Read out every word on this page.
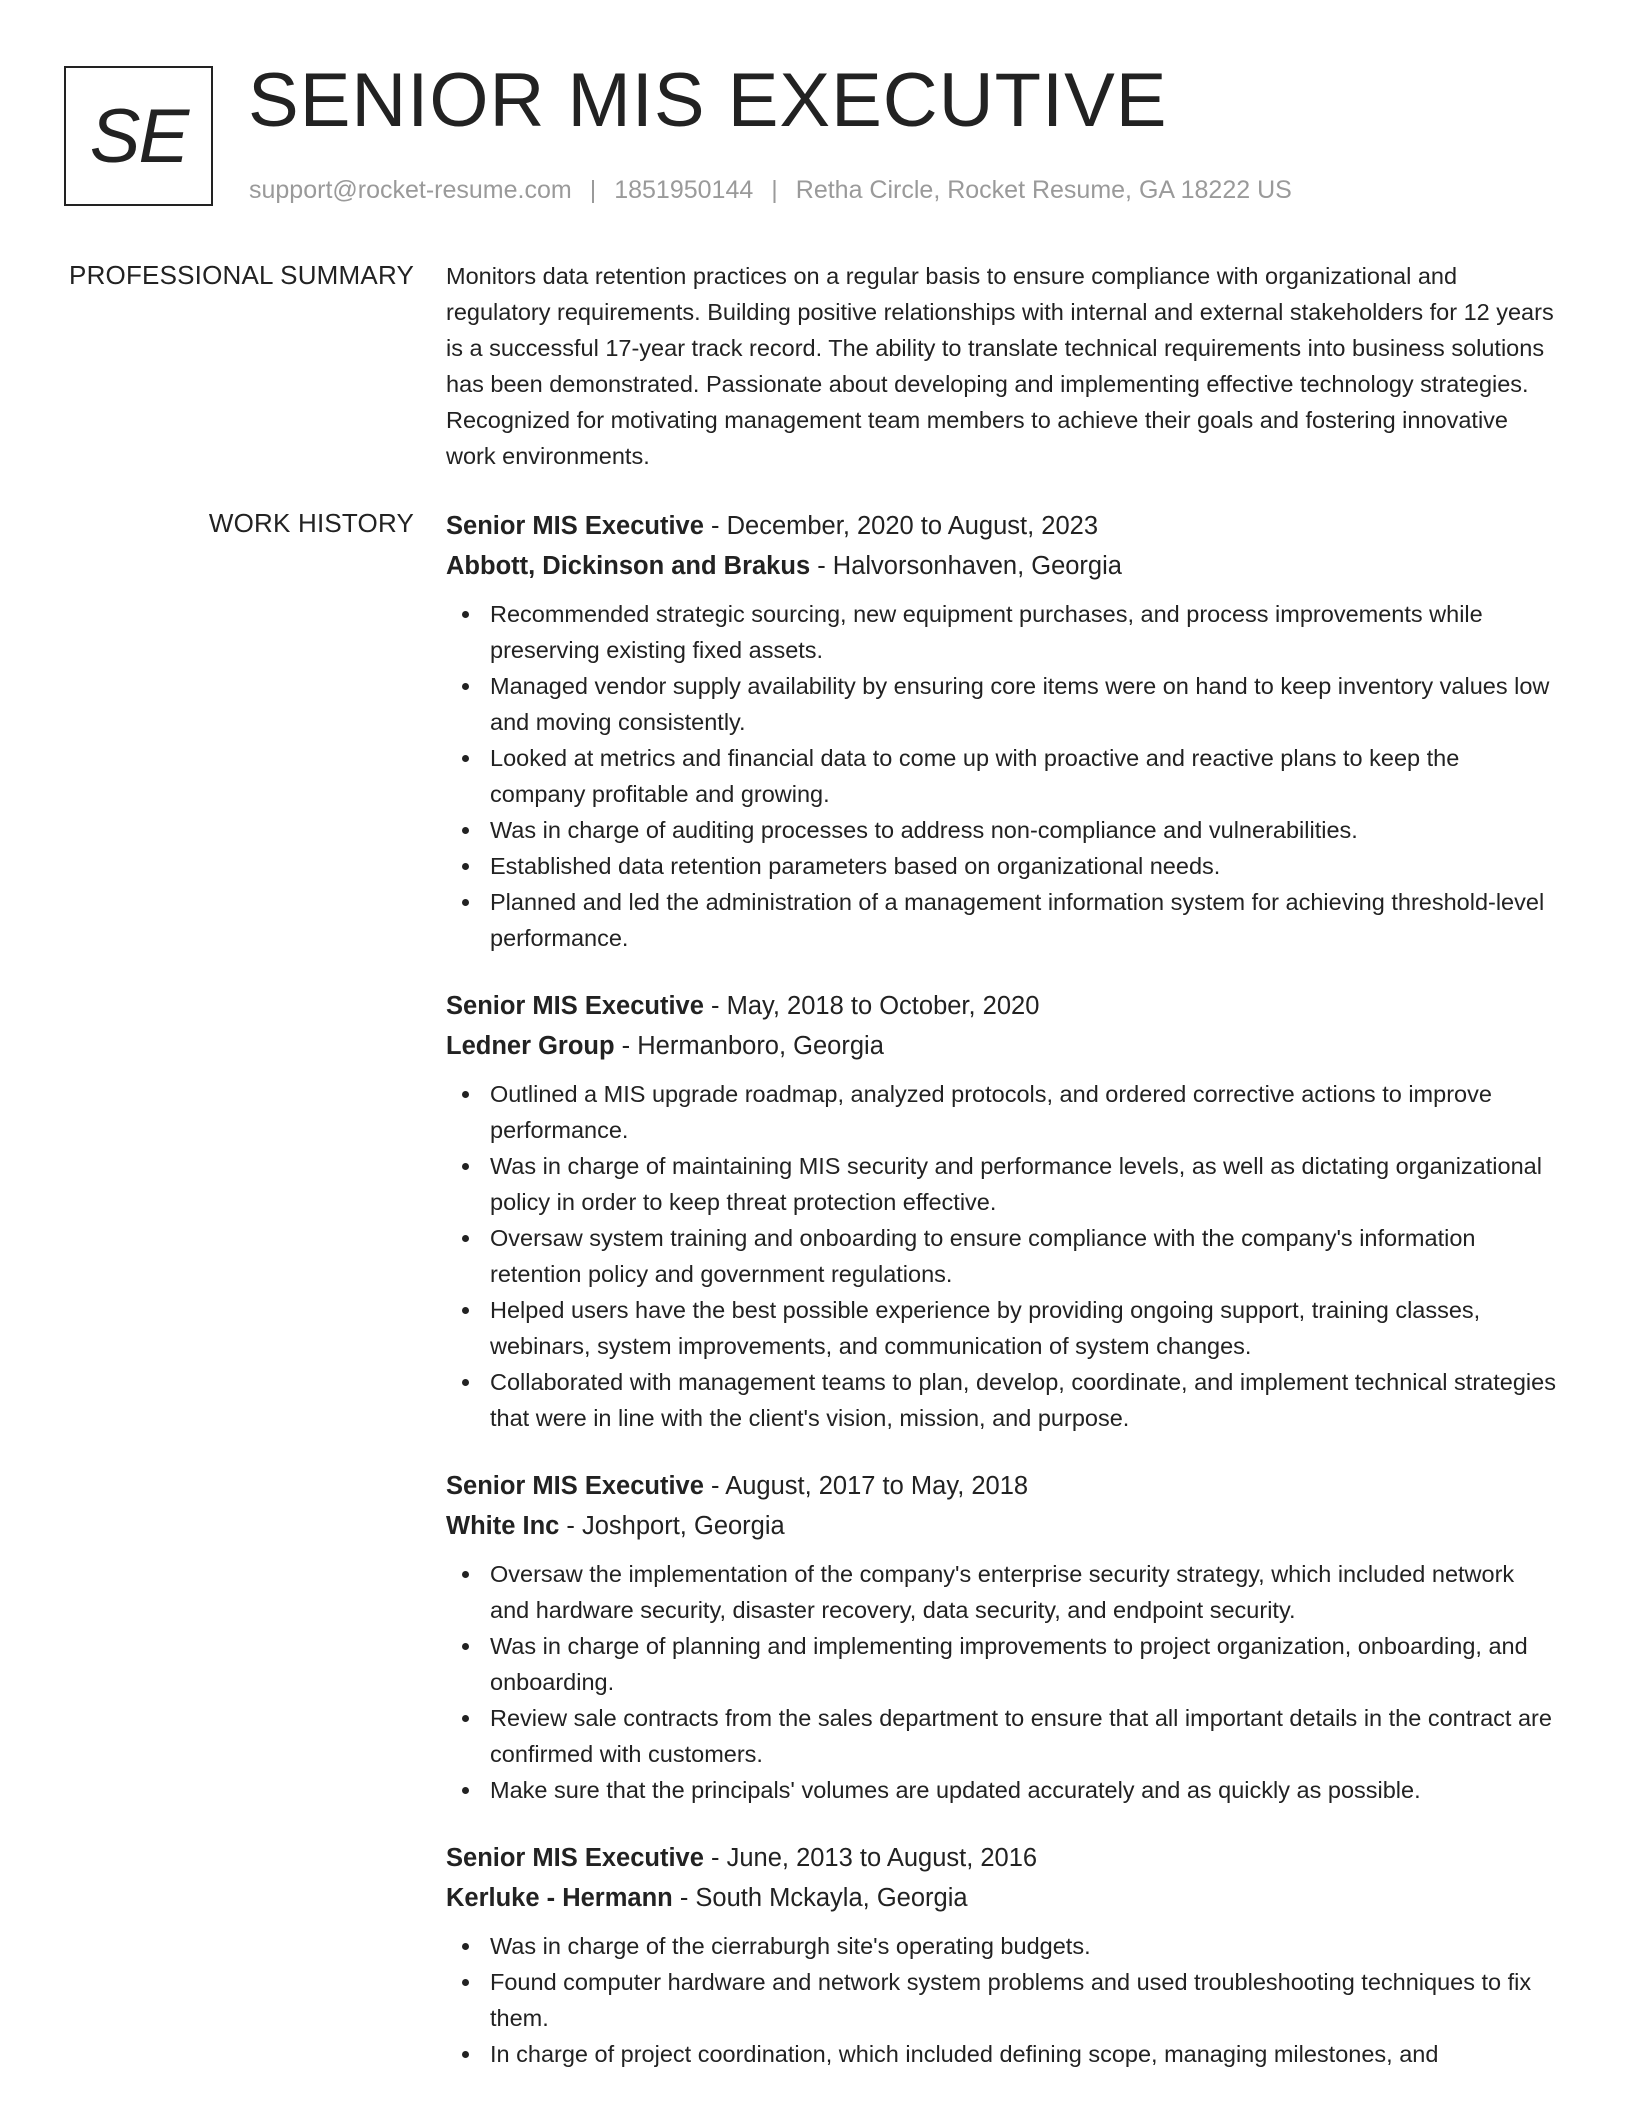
SE SENIOR MIS EXECUTIVE
support@rocket-resume.com | 1851950144 | Retha Circle, Rocket Resume, GA 18222 US
PROFESSIONAL SUMMARY Monitors data retention practices on a regular basis to ensure compliance with organizational and regulatory requirements. Building positive relationships with internal and external stakeholders for 12 years is a successful 17-year track record. The ability to translate technical requirements into business solutions has been demonstrated. Passionate about developing and implementing effective technology strategies. Recognized for motivating management team members to achieve their goals and fostering innovative work environments.

WORK HISTORY Senior MIS Executive - December, 2020 to August, 2023
Abbott, Dickinson and Brakus - Halvorsonhaven, Georgia
Recommended strategic sourcing, new equipment purchases, and process improvements while preserving existing fixed assets.
Managed vendor supply availability by ensuring core items were on hand to keep inventory values low and moving consistently.
Looked at metrics and financial data to come up with proactive and reactive plans to keep the company profitable and growing.
Was in charge of auditing processes to address non-compliance and vulnerabilities.
Established data retention parameters based on organizational needs.
Planned and led the administration of a management information system for achieving threshold-level performance.
Senior MIS Executive - May, 2018 to October, 2020
Ledner Group - Hermanboro, Georgia
Outlined a MIS upgrade roadmap, analyzed protocols, and ordered corrective actions to improve performance.
Was in charge of maintaining MIS security and performance levels, as well as dictating organizational policy in order to keep threat protection effective.
Oversaw system training and onboarding to ensure compliance with the company's information retention policy and government regulations.
Helped users have the best possible experience by providing ongoing support, training classes, webinars, system improvements, and communication of system changes.
Collaborated with management teams to plan, develop, coordinate, and implement technical strategies that were in line with the client's vision, mission, and purpose.
Senior MIS Executive - August, 2017 to May, 2018
White Inc - Joshport, Georgia
Oversaw the implementation of the company's enterprise security strategy, which included network and hardware security, disaster recovery, data security, and endpoint security.
Was in charge of planning and implementing improvements to project organization, onboarding, and onboarding.
Review sale contracts from the sales department to ensure that all important details in the contract are confirmed with customers.
Make sure that the principals' volumes are updated accurately and as quickly as possible.
Senior MIS Executive - June, 2013 to August, 2016
Kerluke - Hermann - South Mckayla, Georgia
Was in charge of the cierraburgh site's operating budgets.
Found computer hardware and network system problems and used troubleshooting techniques to fix them.
In charge of project coordination, which included defining scope, managing milestones, and
